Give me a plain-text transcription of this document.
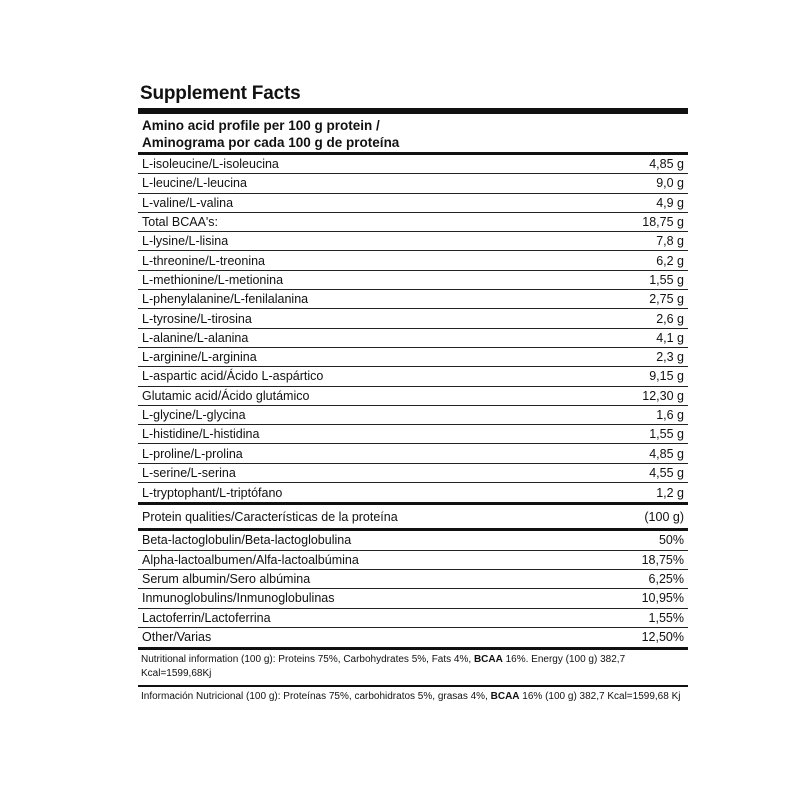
Supplement Facts
Amino acid profile per 100 g protein /
Aminograma por cada 100 g de proteína
L-isoleucine/L-isoleucina	4,85 g
L-leucine/L-leucina	9,0 g
L-valine/L-valina	4,9 g
Total BCAA's:	18,75 g
L-lysine/L-lisina	7,8 g
L-threonine/L-treonina	6,2 g
L-methionine/L-metionina	1,55 g
L-phenylalanine/L-fenilalanina	2,75 g
L-tyrosine/L-tirosina	2,6 g
L-alanine/L-alanina	4,1 g
L-arginine/L-arginina	2,3 g
L-aspartic acid/Ácido L-aspártico	9,15 g
Glutamic acid/Ácido glutámico	12,30 g
L-glycine/L-glycina	1,6 g
L-histidine/L-histidina	1,55 g
L-proline/L-prolina	4,85 g
L-serine/L-serina	4,55 g
L-tryptophant/L-triptófano	1,2 g
Protein qualities/Características de la proteína	(100 g)
Beta-lactoglobulin/Beta-lactoglobulina	50%
Alpha-lactoalbumen/Alfa-lactoalbúmina	18,75%
Serum albumin/Sero albúmina	6,25%
Inmunoglobulins/Inmunoglobulinas	10,95%
Lactoferrin/Lactoferrina	1,55%
Other/Varias	12,50%
Nutritional information (100 g): Proteins 75%, Carbohydrates 5%, Fats 4%, BCAA 16%. Energy (100 g) 382,7 Kcal=1599,68Kj
Información Nutricional (100 g): Proteínas 75%, carbohidratos 5%, grasas 4%, BCAA 16% (100 g) 382,7 Kcal=1599,68 Kj
